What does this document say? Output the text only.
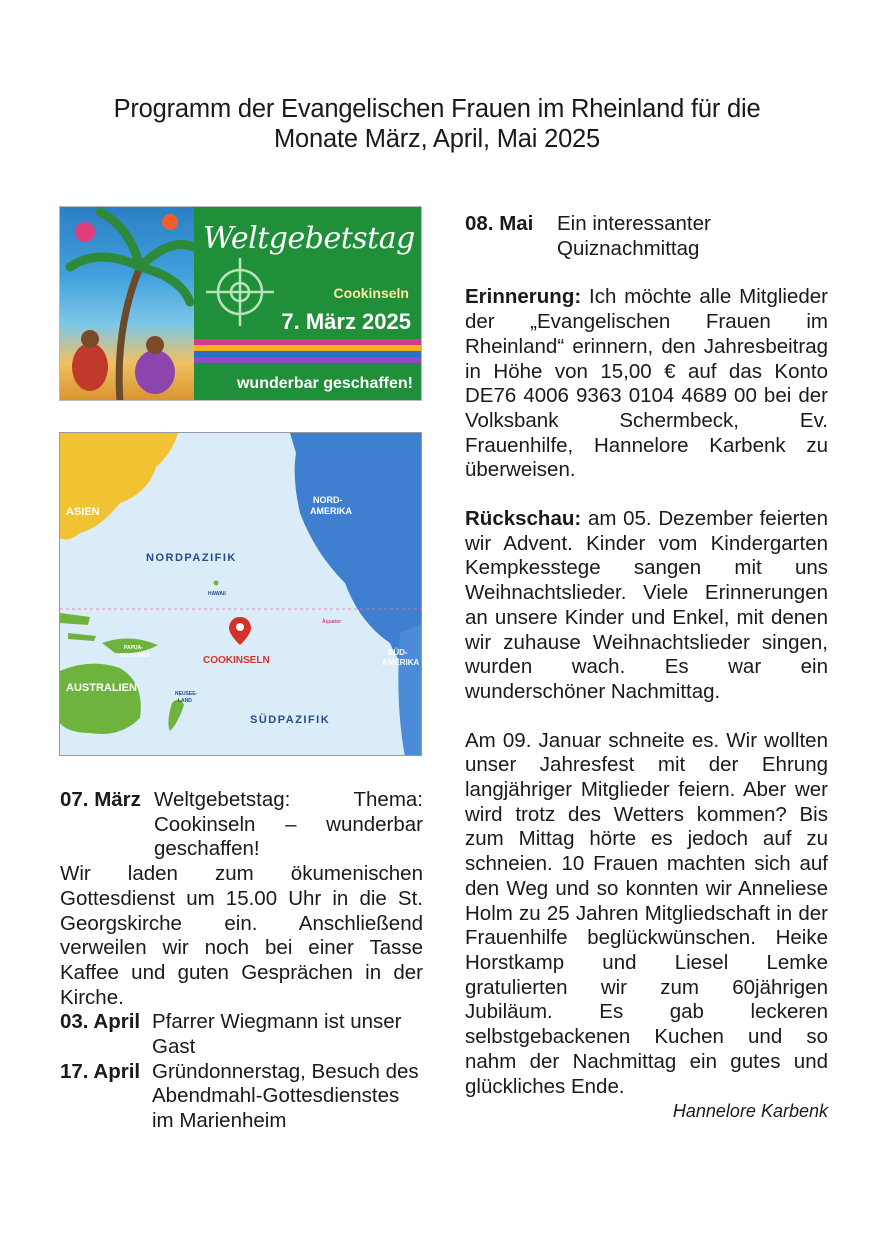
Programm der Evangelischen Frauen im Rheinland für die
Monate März, April, Mai 2025
Weltgebetstag
Cookinseln
7. März 2025
wunderbar geschaffen!
ASIEN
NORD-
AMERIKA
NORDPAZIFIK
HAWAII
Äquator
PAPUA-
NEUGUINEA	COOKINSELN
SÜD-
AMERIKA
AUSTRALIEN	NEUSEE-
LAND
SÜDPAZIFIK
07. März Weltgebetstag: Thema: Cookinseln – wunderbar geschaffen!

Wir laden zum ökumenischen Gottesdienst um 15.00 Uhr in die St. Georgskirche ein. Anschließend verweilen wir noch bei einer Tasse Kaffee und guten Gesprächen in der Kirche.

03. April Pfarrer Wiegmann ist unser Gast
17. April Gründonnerstag, Besuch des Abendmahl-Gottesdienstes im Marienheim
08. Mai	Ein interessanter Quiznachmittag

Erinnerung: Ich möchte alle Mitglieder der „Evangelischen Frauen im Rheinland“ erinnern, den Jahresbeitrag in Höhe von 15,00 € auf das Konto DE76 4006 9363 0104 4689 00 bei der Volksbank Schermbeck, Ev. Frauenhilfe, Hannelore Karbenk zu überweisen.

Rückschau: am 05. Dezember feierten wir Advent. Kinder vom Kindergarten Kempkesstege sangen mit uns Weihnachtslieder. Viele Erinnerungen an unsere Kinder und Enkel, mit denen wir zuhause Weihnachtslieder singen, wurden wach. Es war ein wunderschöner Nachmittag.

Am 09. Januar schneite es. Wir wollten unser Jahresfest mit der Ehrung langjähriger Mitglieder feiern. Aber wer wird trotz des Wetters kommen? Bis zum Mittag hörte es jedoch auf zu schneien. 10 Frauen machten sich auf den Weg und so konnten wir Anneliese Holm zu 25 Jahren Mitgliedschaft in der Frauenhilfe beglückwünschen. Heike Horstkamp und Liesel Lemke gratulierten wir zum 60jährigen Jubiläum. Es gab leckeren selbstgebackenen Kuchen und so nahm der Nachmittag ein gutes und glückliches Ende.

Hannelore Karbenk
